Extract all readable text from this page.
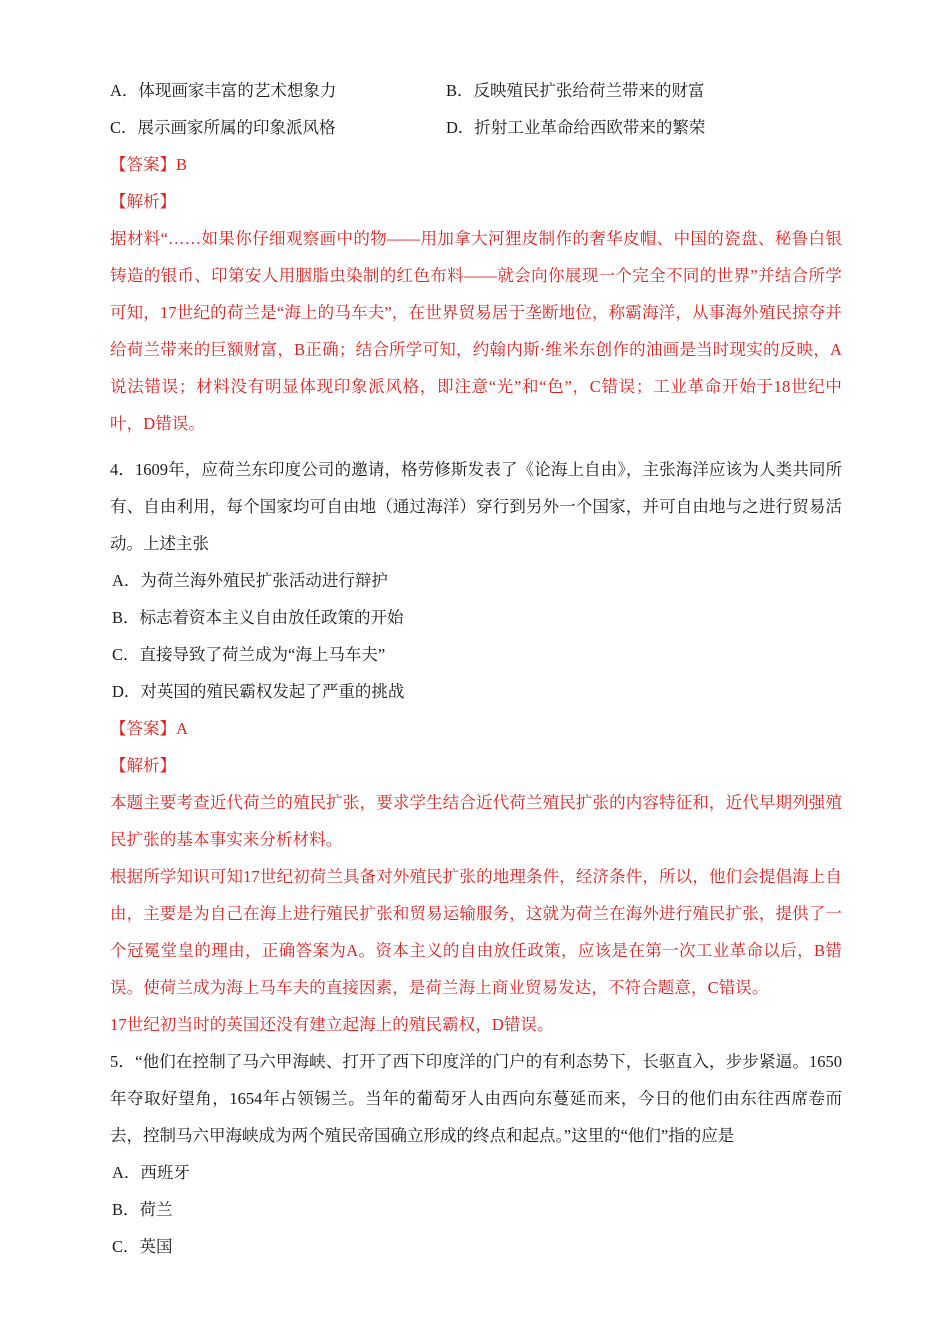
A． 体现画家丰富的艺术想象力	B． 反映殖民扩张给荷兰带来的财富
C． 展示画家所属的印象派风格	D． 折射工业革命给西欧带来的繁荣

【答案】B

【解析】

据材料“……如果你仔细观察画中的物——用加拿大河狸皮制作的奢华皮帽、中国的瓷盘、秘鲁白银铸造的银币、印第安人用胭脂虫染制的红色布料——就会向你展现一个完全不同的世界”并结合所学可知，17世纪的荷兰是“海上的马车夫”，在世界贸易居于垄断地位，称霸海洋，从事海外殖民掠夺并给荷兰带来的巨额财富，B正确；结合所学可知，约翰内斯·维米东创作的油画是当时现实的反映，A说法错误；材料没有明显体现印象派风格，即注意“光”和“色”，C错误；工业革命开始于18世纪中叶，D错误。

4．1609年，应荷兰东印度公司的邀请，格劳修斯发表了《论海上自由》，主张海洋应该为人类共同所有、自由利用，每个国家均可自由地（通过海洋）穿行到另外一个国家，并可自由地与之进行贸易活动。上述主张

A． 为荷兰海外殖民扩张活动进行辩护
B． 标志着资本主义自由放任政策的开始
C． 直接导致了荷兰成为“海上马车夫”
D． 对英国的殖民霸权发起了严重的挑战

【答案】A

【解析】

本题主要考查近代荷兰的殖民扩张，要求学生结合近代荷兰殖民扩张的内容特征和，近代早期列强殖民扩张的基本事实来分析材料。

根据所学知识可知17世纪初荷兰具备对外殖民扩张的地理条件，经济条件，所以，他们会提倡海上自由，主要是为自己在海上进行殖民扩张和贸易运输服务，这就为荷兰在海外进行殖民扩张，提供了一个冠冕堂皇的理由，正确答案为A。资本主义的自由放任政策，应该是在第一次工业革命以后，B错误。使荷兰成为海上马车夫的直接因素，是荷兰海上商业贸易发达，不符合题意，C错误。

17世纪初当时的英国还没有建立起海上的殖民霸权，D错误。

5．“他们在控制了马六甲海峡、打开了西下印度洋的门户的有利态势下，长驱直入，步步紧逼。1650年夺取好望角，1654年占领锡兰。当年的葡萄牙人由西向东蔓延而来，今日的他们由东往西席卷而去，控制马六甲海峡成为两个殖民帝国确立形成的终点和起点。”这里的“他们”指的应是

A． 西班牙
B． 荷兰
C． 英国
